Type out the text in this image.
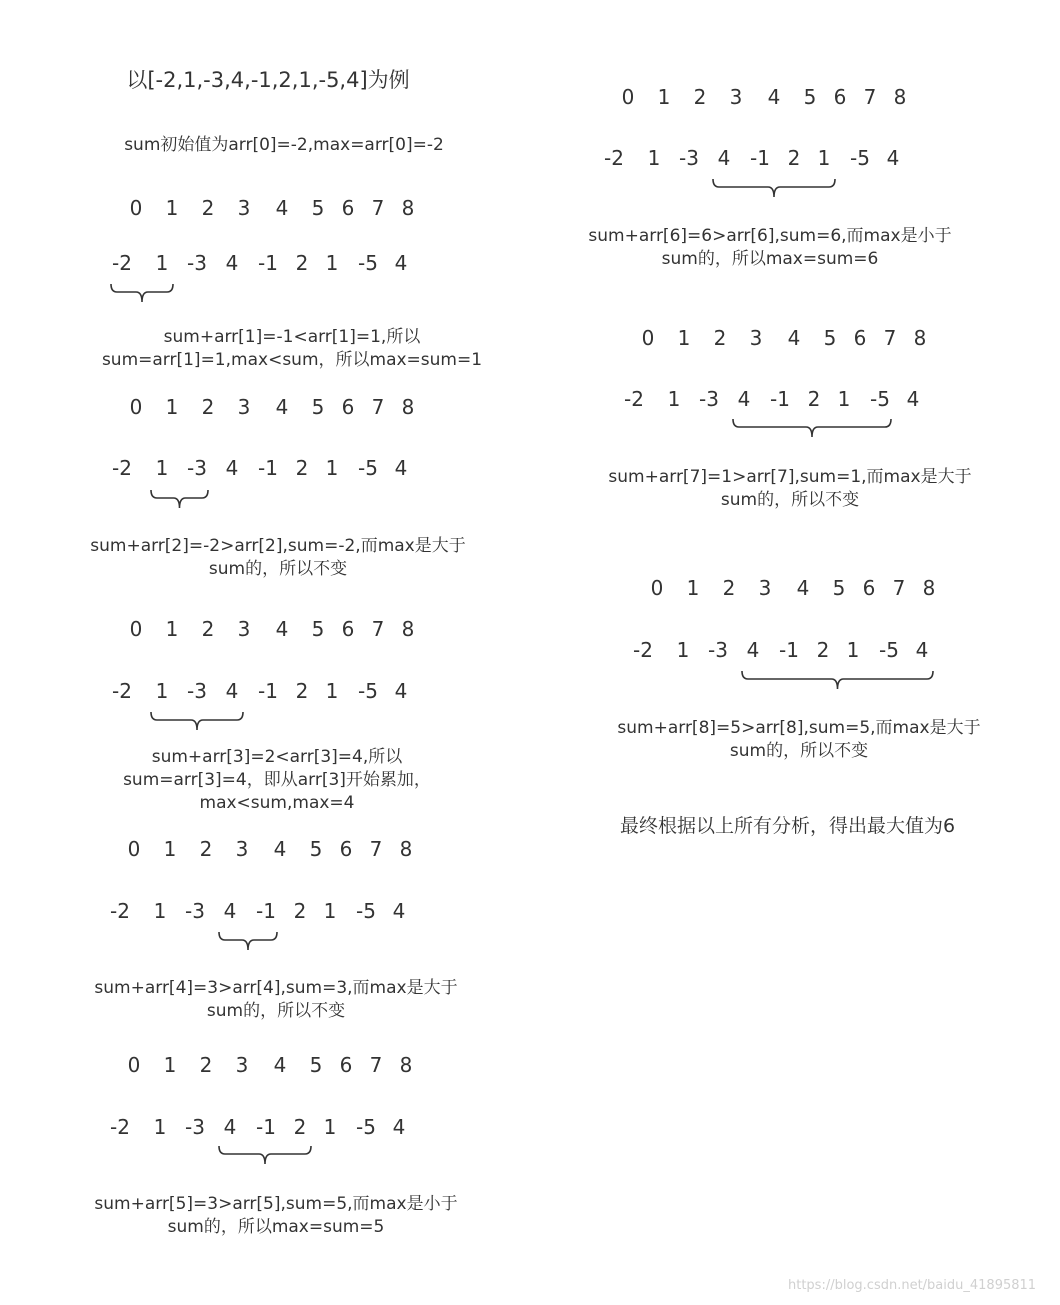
以[-2,1,-3,4,-1,2,1,-5,4]为例
sum初始值为arr[0]=-2,max=arr[0]=-2
最终根据以上所有分析，得出最大值为6
https://blog.csdn.net/baidu_41895811
0 1 2 3 4 5 6 7 8
-2 1 -3 4 -1 2 1 -5 4
0 1 2 3 4 5 6 7 8
-2 1 -3 4 -1 2 1 -5 4
0 1 2 3 4 5 6 7 8
-2 1 -3 4 -1 2 1 -5 4
0 1 2 3 4 5 6 7 8
-2 1 -3 4 -1 2 1 -5 4
0 1 2 3 4 5 6 7 8
-2 1 -3 4 -1 2 1 -5 4
0 1 2 3 4 5 6 7 8
-2 1 -3 4 -1 2 1 -5 4
0 1 2 3 4 5 6 7 8
-2 1 -3 4 -1 2 1 -5 4
0 1 2 3 4 5 6 7 8
-2 1 -3 4 -1 2 1 -5 4
sum+arr[1]=-1<arr[1]=1,所以
sum=arr[1]=1,max<sum，所以max=sum=1
sum+arr[2]=-2>arr[2],sum=-2,而max是大于
sum的，所以不变
sum+arr[3]=2<arr[3]=4,所以
sum=arr[3]=4，即从arr[3]开始累加，
max<sum,max=4
sum+arr[4]=3>arr[4],sum=3,而max是大于
sum的，所以不变
sum+arr[5]=3>arr[5],sum=5,而max是小于
sum的，所以max=sum=5
sum+arr[6]=6>arr[6],sum=6,而max是小于
sum的，所以max=sum=6
sum+arr[7]=1>arr[7],sum=1,而max是大于
sum的，所以不变
sum+arr[8]=5>arr[8],sum=5,而max是大于
sum的，所以不变
